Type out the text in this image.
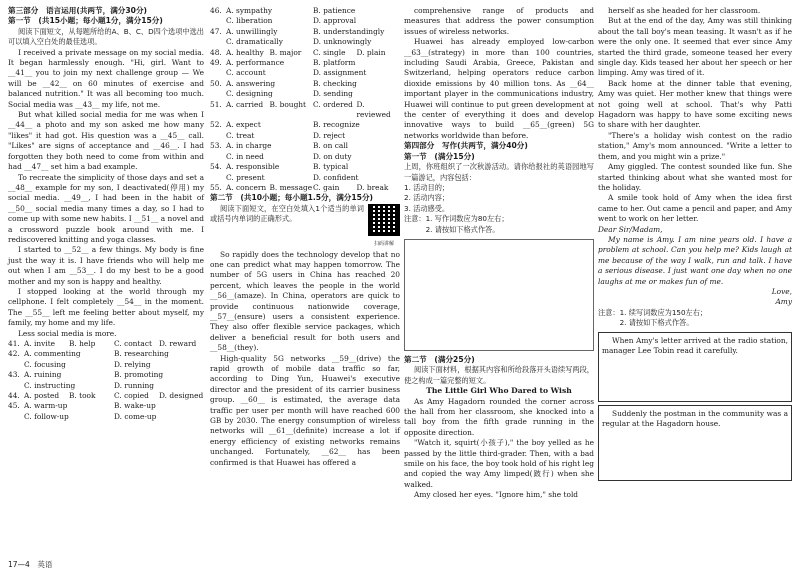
第三部分　语言运用(共两节，满分30分)
第一节　(共15小题；每小题1分，满分15分)

阅读下面短文，从每题所给的A、B、C、D四个选项中选出可以填入空白处的最佳选项。

I received a private message on my social media. It began harmlessly enough. "Hi, girl. Want to __41__ you to join my next challenge group — We will be __42__ on 60 minutes of exercise and balanced nutrition." It was all becoming too much. Social media was __43__ my life, not me.

But what killed social media for me was when I __44__ a photo and my son asked me how many "likes" it had got. His question was a __45__ call. "Likes" are signs of acceptance and __46__. I had forgotten they both need to come from within and had __47__ set him a bad example.

To recreate the simplicity of those days and set a __48__ example for my son, I deactivated(停用) my social media. __49__, I had been in the habit of __50__ social media many times a day, so I had to come up with some new habits. I __51__ a novel and a crossword puzzle book around with me. I rediscovered knitting and yoga classes.

I started to __52__ a few things. My body is fine just the way it is. I have friends who will help me out when I am __53__. I do my best to be a good mother and my son is happy and healthy.

I stopped looking at the world through my cellphone. I felt completely __54__ in the moment. The __55__ left me feeling better about myself, my family, my home and my life.

Less social media is more.

41. A. invite	B. help	C. contact D. reward
42. A. commenting	B. researching
C. focusing	D. relying
43. A. ruining	B. promoting
C. instructing	D. running
44. A. posted	B. took	C. copied	D. designed
45. A. warm-up	B. wake-up
C. follow-up	D. come-up
46. A. sympathy	B. patience
C. liberation	D. approval
47. A. unwillingly	B. understandingly
C. dramatically	D. unknowingly
48. A. healthy B. major	C. single	D. plain
49. A. performance	B. platform
C. account	D. assignment
50. A. answering	B. checking
C. designing	D. sending
51. A. carried B. bought C. ordered D. reviewed
52. A. expect	B. recognize
C. treat	D. reject
53. A. in charge	B. on call
C. in need	D. on duty
54. A. responsible	B. typical
C. present	D. confident
55. A. concern B. message C. gain	D. break
第二节　(共10小题；每小题1.5分，满分15分)

阅读下面短文，在空白处填入1个适当的单词或括号内单词的正确形式。

扫码讲解

So rapidly does the technology develop that no one can predict what may happen tomorrow. The number of 5G users in China has reached 20 percent, which leaves the people in the world __56__(amaze). In China, operators are quick to provide continuous nationwide coverage, __57__(ensure) users a consistent experience. They also offer flexible service packages, which deliver a beneficial result for both users and __58__(they).

High-quality 5G networks __59__(drive) the rapid growth of mobile data traffic so far, according to Ding Yun, Huawei's executive director and the president of its carrier business group. __60__ is estimated, the average data traffic per user per month will have reached 600 GB by 2030. The energy consumption of wireless networks will __61__(definite) increase a lot if energy efficiency of existing networks remains unchanged. Fortunately, __62__ has been confirmed is that Huawei has offered a

comprehensive range of products and measures that address the power consumption issues of wireless networks.

Huawei has already employed low-carbon __63__(strategy) in more than 100 countries, including Saudi Arabia, Greece, Pakistan and Switzerland, helping operators reduce carbon dioxide emissions by 40 million tons. As __64__ important player in the communications industry, Huawei will continue to put green development at the center of everything it does and develop innovative ways to build __65__(green) 5G networks worldwide than before.

第四部分　写作(共两节，满分40分)
第一节　(满分15分)

上周，你班组织了一次秋游活动。请你给报社的英语园地写一篇游记，内容包括：

1. 活动目的；

2. 活动内容；

3. 活动感受。

注意：1. 写作词数应为80左右；

　　　2. 请按如下格式作答。

第二节　(满分25分)

阅读下面材料，根据其内容和所给段落开头语续写两段，使之构成一篇完整的短文。

The Little Girl Who Dared to Wish

As Amy Hagadorn rounded the corner across the hall from her classroom, she knocked into a tall boy from the fifth grade running in the opposite direction.

"Watch it, squirt(小孩子)," the boy yelled as he passed by the little third-grader. Then, with a bad smile on his face, the boy took hold of his right leg and copied the way Amy limped(跛行) when she walked.

Amy closed her eyes. "Ignore him," she told

herself as she headed for her classroom.

But at the end of the day, Amy was still thinking about the tall boy's mean teasing. It wasn't as if he were the only one. It seemed that ever since Amy started the third grade, someone teased her every single day. Kids teased her about her speech or her limping. Amy was tired of it.

Back home at the dinner table that evening, Amy was quiet. Her mother knew that things were not going well at school. That's why Patti Hagadorn was happy to have some exciting news to share with her daughter.

"There's a holiday wish contest on the radio station," Amy's mom announced. "Write a letter to them, and you might win a prize."

Amy giggled. The contest sounded like fun. She started thinking about what she wanted most for the holiday.

A smile took hold of Amy when the idea first came to her. Out came a pencil and paper, and Amy went to work on her letter.

Dear Sir/Madam,

My name is Amy. I am nine years old. I have a problem at school. Can you help me? Kids laugh at me because of the way I walk, run and talk. I have a serious disease. I just want one day when no one laughs at me or makes fun of me.

Love,
Amy
注意：1. 续写词数应为150左右；
　　　2. 请按如下格式作答。

When Amy's letter arrived at the radio station, manager Lee Tobin read it carefully.

Suddenly the postman in the community was a regular at the Hagadorn house.

17—4　英语
